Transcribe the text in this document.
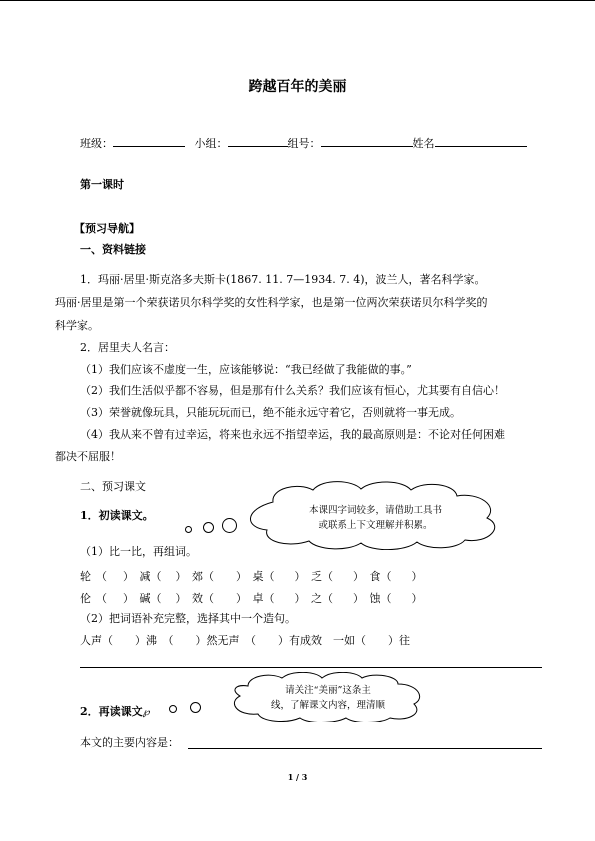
跨越百年的美丽
班级：	小组：	组号：	姓名
第一课时
【预习导航】
一、资料链接
1．玛丽·居里·斯克洛多夫斯卡(1867. 11. 7—1934. 7. 4)，波兰人，著名科学家。
玛丽·居里是第一个荣获诺贝尔科学奖的女性科学家，也是第一位两次荣获诺贝尔科学奖的
科学家。
2．居里夫人名言：
（1）我们应该不虚度一生，应该能够说：“我已经做了我能做的事。”
（2）我们生活似乎都不容易，但是那有什么关系？我们应该有恒心，尤其要有自信心！
（3）荣誉就像玩具，只能玩玩而已，绝不能永远守着它，否则就将一事无成。
（4）我从来不曾有过幸运，将来也永远不指望幸运，我的最高原则是：不论对任何困难
都决不屈服！
二、预习课文
1．初读课文。	本课四字词较多，请借助工具书
或联系上下文理解并积累。
（1）比一比，再组词。
轮 （ ） 减（ ） 郊（ ） 桌（ ） 乏（ ） 食（ ）
伦 （ ） 碱（ ） 效（ ） 卓（ ） 之（ ） 蚀（ ）
（2）把词语补充完整，选择其中一个造句。
人声（　　）沸　（　　）然无声　（　　）有成效　一如（　　）往
请关注“美丽”这条主
线，了解课文内容，理清顺
2．再读课文℘
本文的主要内容是：
1 / 3
